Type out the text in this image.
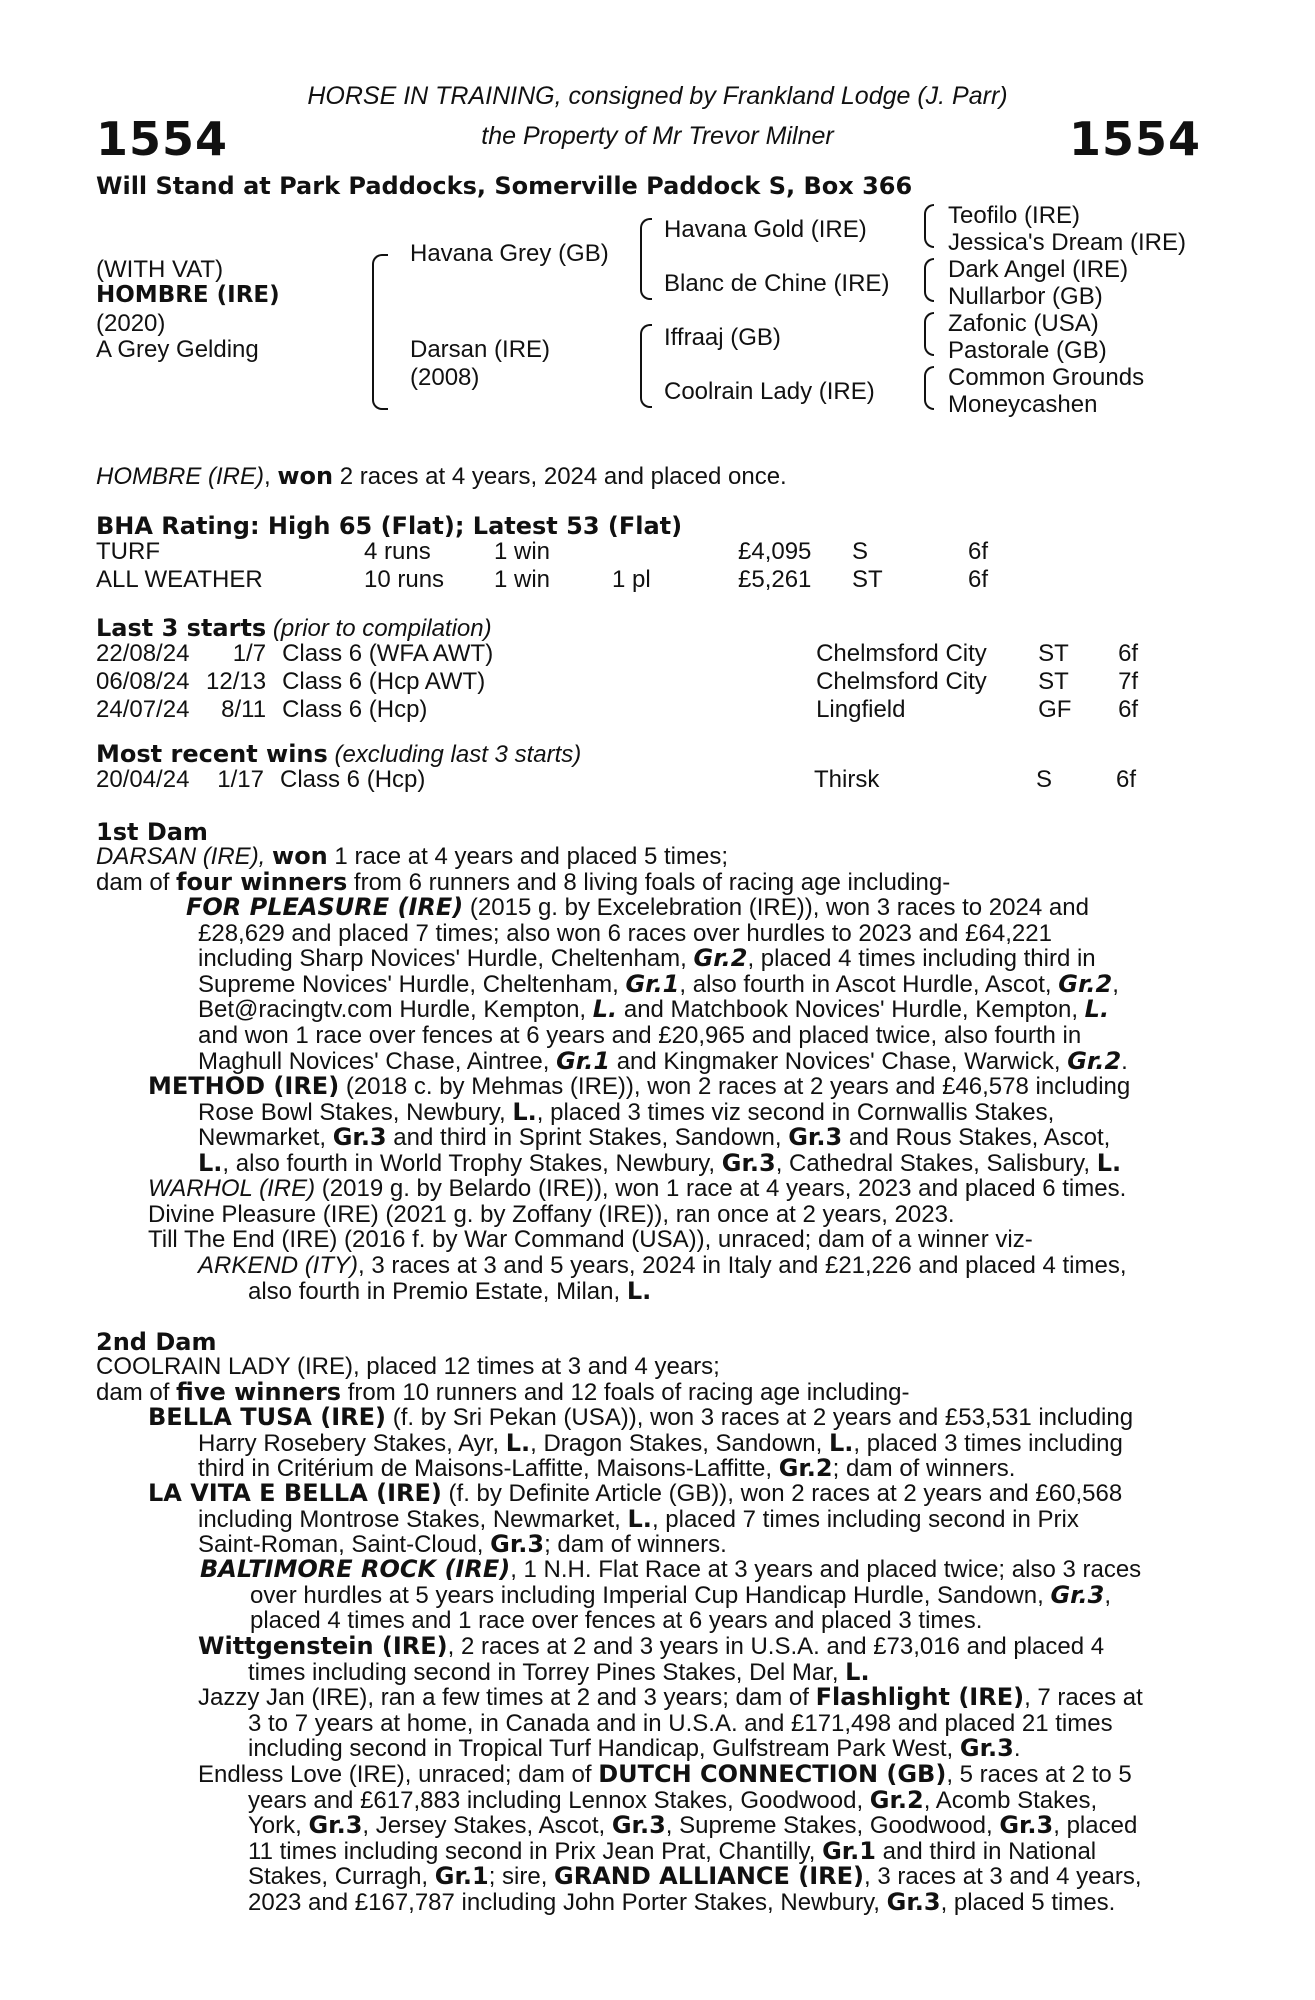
1554	1554
HORSE IN TRAINING, consigned by Frankland Lodge (J. Parr)
the Property of Mr Trevor Milner
Will Stand at Park Paddocks, Somerville Paddock S, Box 366
(WITH VAT)
HOMBRE (IRE)
(2020)
A Grey Gelding
Havana Grey (GB)
Darsan (IRE)
(2008)
Havana Gold (IRE)
Blanc de Chine (IRE)
Iffraaj (GB)
Coolrain Lady (IRE)
Teofilo (IRE)
Jessica's Dream (IRE)
Dark Angel (IRE)
Nullarbor (GB)
Zafonic (USA)
Pastorale (GB)
Common Grounds
Moneycashen
HOMBRE (IRE), won 2 races at 4 years, 2024 and placed once.
BHA Rating: High 65 (Flat); Latest 53 (Flat)
TURF	4 runs	1 win		£4,095	S	6f
ALL WEATHER	10 runs	1 win	1 pl	£5,261	ST	6f
Last 3 starts (prior to compilation)
22/08/24	1/7	Class 6 (WFA AWT)	Chelmsford City	ST	6f
06/08/24	12/13	Class 6 (Hcp AWT)	Chelmsford City	ST	7f
24/07/24	8/11	Class 6 (Hcp)	Lingfield	GF	6f
Most recent wins (excluding last 3 starts)
20/04/24	1/17	Class 6 (Hcp)	Thirsk	S	6f
1st Dam
DARSAN (IRE), won 1 race at 4 years and placed 5 times;
dam of four winners from 6 runners and 8 living foals of racing age including-
FOR PLEASURE (IRE) (2015 g. by Excelebration (IRE)), won 3 races to 2024 and
£28,629 and placed 7 times; also won 6 races over hurdles to 2023 and £64,221
including Sharp Novices' Hurdle, Cheltenham, Gr.2, placed 4 times including third in
Supreme Novices' Hurdle, Cheltenham, Gr.1, also fourth in Ascot Hurdle, Ascot, Gr.2,
Bet@racingtv.com Hurdle, Kempton, L. and Matchbook Novices' Hurdle, Kempton, L.
and won 1 race over fences at 6 years and £20,965 and placed twice, also fourth in
Maghull Novices' Chase, Aintree, Gr.1 and Kingmaker Novices' Chase, Warwick, Gr.2.
METHOD (IRE) (2018 c. by Mehmas (IRE)), won 2 races at 2 years and £46,578 including
Rose Bowl Stakes, Newbury, L., placed 3 times viz second in Cornwallis Stakes,
Newmarket, Gr.3 and third in Sprint Stakes, Sandown, Gr.3 and Rous Stakes, Ascot,
L., also fourth in World Trophy Stakes, Newbury, Gr.3, Cathedral Stakes, Salisbury, L.
WARHOL (IRE) (2019 g. by Belardo (IRE)), won 1 race at 4 years, 2023 and placed 6 times.
Divine Pleasure (IRE) (2021 g. by Zoffany (IRE)), ran once at 2 years, 2023.
Till The End (IRE) (2016 f. by War Command (USA)), unraced; dam of a winner viz-
ARKEND (ITY), 3 races at 3 and 5 years, 2024 in Italy and £21,226 and placed 4 times,
also fourth in Premio Estate, Milan, L.
2nd Dam
COOLRAIN LADY (IRE), placed 12 times at 3 and 4 years;
dam of five winners from 10 runners and 12 foals of racing age including-
BELLA TUSA (IRE) (f. by Sri Pekan (USA)), won 3 races at 2 years and £53,531 including
Harry Rosebery Stakes, Ayr, L., Dragon Stakes, Sandown, L., placed 3 times including
third in Critérium de Maisons-Laffitte, Maisons-Laffitte, Gr.2; dam of winners.
LA VITA E BELLA (IRE) (f. by Definite Article (GB)), won 2 races at 2 years and £60,568
including Montrose Stakes, Newmarket, L., placed 7 times including second in Prix
Saint-Roman, Saint-Cloud, Gr.3; dam of winners.
BALTIMORE ROCK (IRE), 1 N.H. Flat Race at 3 years and placed twice; also 3 races
over hurdles at 5 years including Imperial Cup Handicap Hurdle, Sandown, Gr.3,
placed 4 times and 1 race over fences at 6 years and placed 3 times.
Wittgenstein (IRE), 2 races at 2 and 3 years in U.S.A. and £73,016 and placed 4
times including second in Torrey Pines Stakes, Del Mar, L.
Jazzy Jan (IRE), ran a few times at 2 and 3 years; dam of Flashlight (IRE), 7 races at
3 to 7 years at home, in Canada and in U.S.A. and £171,498 and placed 21 times
including second in Tropical Turf Handicap, Gulfstream Park West, Gr.3.
Endless Love (IRE), unraced; dam of DUTCH CONNECTION (GB), 5 races at 2 to 5
years and £617,883 including Lennox Stakes, Goodwood, Gr.2, Acomb Stakes,
York, Gr.3, Jersey Stakes, Ascot, Gr.3, Supreme Stakes, Goodwood, Gr.3, placed
11 times including second in Prix Jean Prat, Chantilly, Gr.1 and third in National
Stakes, Curragh, Gr.1; sire, GRAND ALLIANCE (IRE), 3 races at 3 and 4 years,
2023 and £167,787 including John Porter Stakes, Newbury, Gr.3, placed 5 times.
